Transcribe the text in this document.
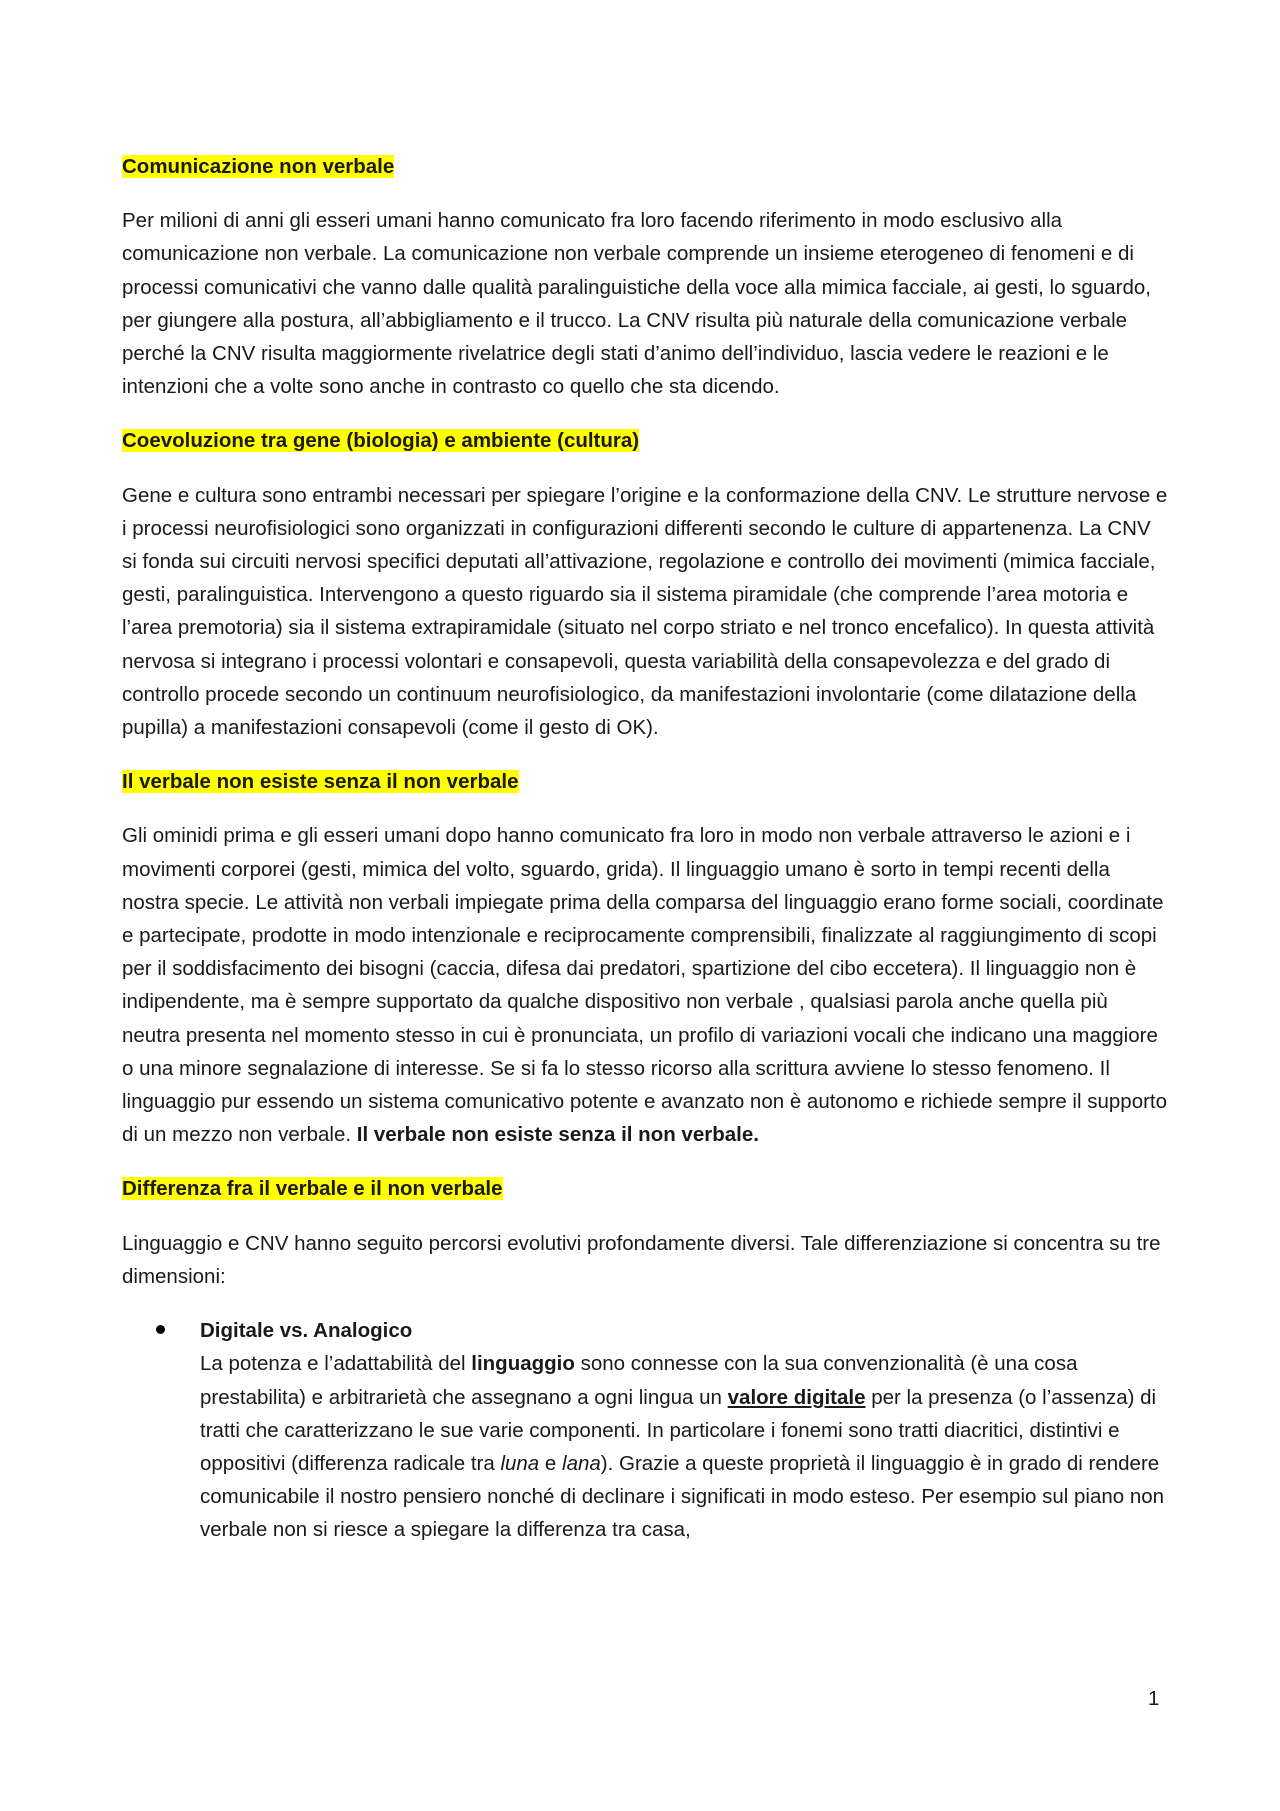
Comunicazione non verbale
Per milioni di anni gli esseri umani hanno comunicato fra loro facendo riferimento in modo esclusivo alla comunicazione non verbale. La comunicazione non verbale comprende un insieme eterogeneo di fenomeni e di processi comunicativi che vanno dalle qualità paralinguistiche della voce alla mimica facciale, ai gesti, lo sguardo, per giungere alla postura, all’abbigliamento e il trucco. La CNV risulta più naturale della comunicazione verbale perché la CNV risulta maggiormente rivelatrice degli stati d’animo dell’individuo, lascia vedere le reazioni e le intenzioni che a volte sono anche in contrasto co quello che sta dicendo.
Coevoluzione tra gene (biologia) e ambiente (cultura)
Gene e cultura sono entrambi necessari per spiegare l’origine e la conformazione della CNV. Le strutture nervose e i processi neurofisiologici sono organizzati in configurazioni differenti secondo le culture di appartenenza. La CNV si fonda sui circuiti nervosi specifici deputati all’attivazione, regolazione e controllo dei movimenti (mimica facciale, gesti, paralinguistica. Intervengono a questo riguardo sia il sistema piramidale (che comprende l’area motoria e l’area premotoria) sia il sistema extrapiramidale (situato nel corpo striato e nel tronco encefalico). In questa attività nervosa si integrano i processi volontari e consapevoli, questa variabilità della consapevolezza e del grado di controllo procede secondo un continuum neurofisiologico, da manifestazioni involontarie (come dilatazione della pupilla) a manifestazioni consapevoli (come il gesto di OK).
Il verbale non esiste senza il non verbale
Gli ominidi prima e gli esseri umani dopo hanno comunicato fra loro in modo non verbale attraverso le azioni e i movimenti corporei (gesti, mimica del volto, sguardo, grida). Il linguaggio umano è sorto in tempi recenti della nostra specie. Le attività non verbali impiegate prima della comparsa del linguaggio erano forme sociali, coordinate e partecipate, prodotte in modo intenzionale e reciprocamente comprensibili, finalizzate al raggiungimento di scopi per il soddisfacimento dei bisogni (caccia, difesa dai predatori, spartizione del cibo eccetera). Il linguaggio non è indipendente, ma è sempre supportato da qualche dispositivo non verbale , qualsiasi parola anche quella più neutra presenta nel momento stesso in cui è pronunciata, un profilo di variazioni vocali che indicano una maggiore o una minore segnalazione di interesse. Se si fa lo stesso ricorso alla scrittura avviene lo stesso fenomeno. Il linguaggio pur essendo un sistema comunicativo potente e avanzato non è autonomo e richiede sempre il supporto di un mezzo non verbale. Il verbale non esiste senza il non verbale.
Differenza fra il verbale e il non verbale
Linguaggio e CNV hanno seguito percorsi evolutivi profondamente diversi. Tale differenziazione si concentra su tre dimensioni:
Digitale vs. Analogico
La potenza e l’adattabilità del linguaggio sono connesse con la sua convenzionalità (è una cosa prestabilita) e arbitrarietà che assegnano a ogni lingua un valore digitale per la presenza (o l’assenza) di tratti che caratterizzano le sue varie componenti. In particolare i fonemi sono tratti diacritici, distintivi e oppositivi (differenza radicale tra luna e lana). Grazie a queste proprietà il linguaggio è in grado di rendere comunicabile il nostro pensiero nonché di declinare i significati in modo esteso. Per esempio sul piano non verbale non si riesce a spiegare la differenza tra casa,
1
